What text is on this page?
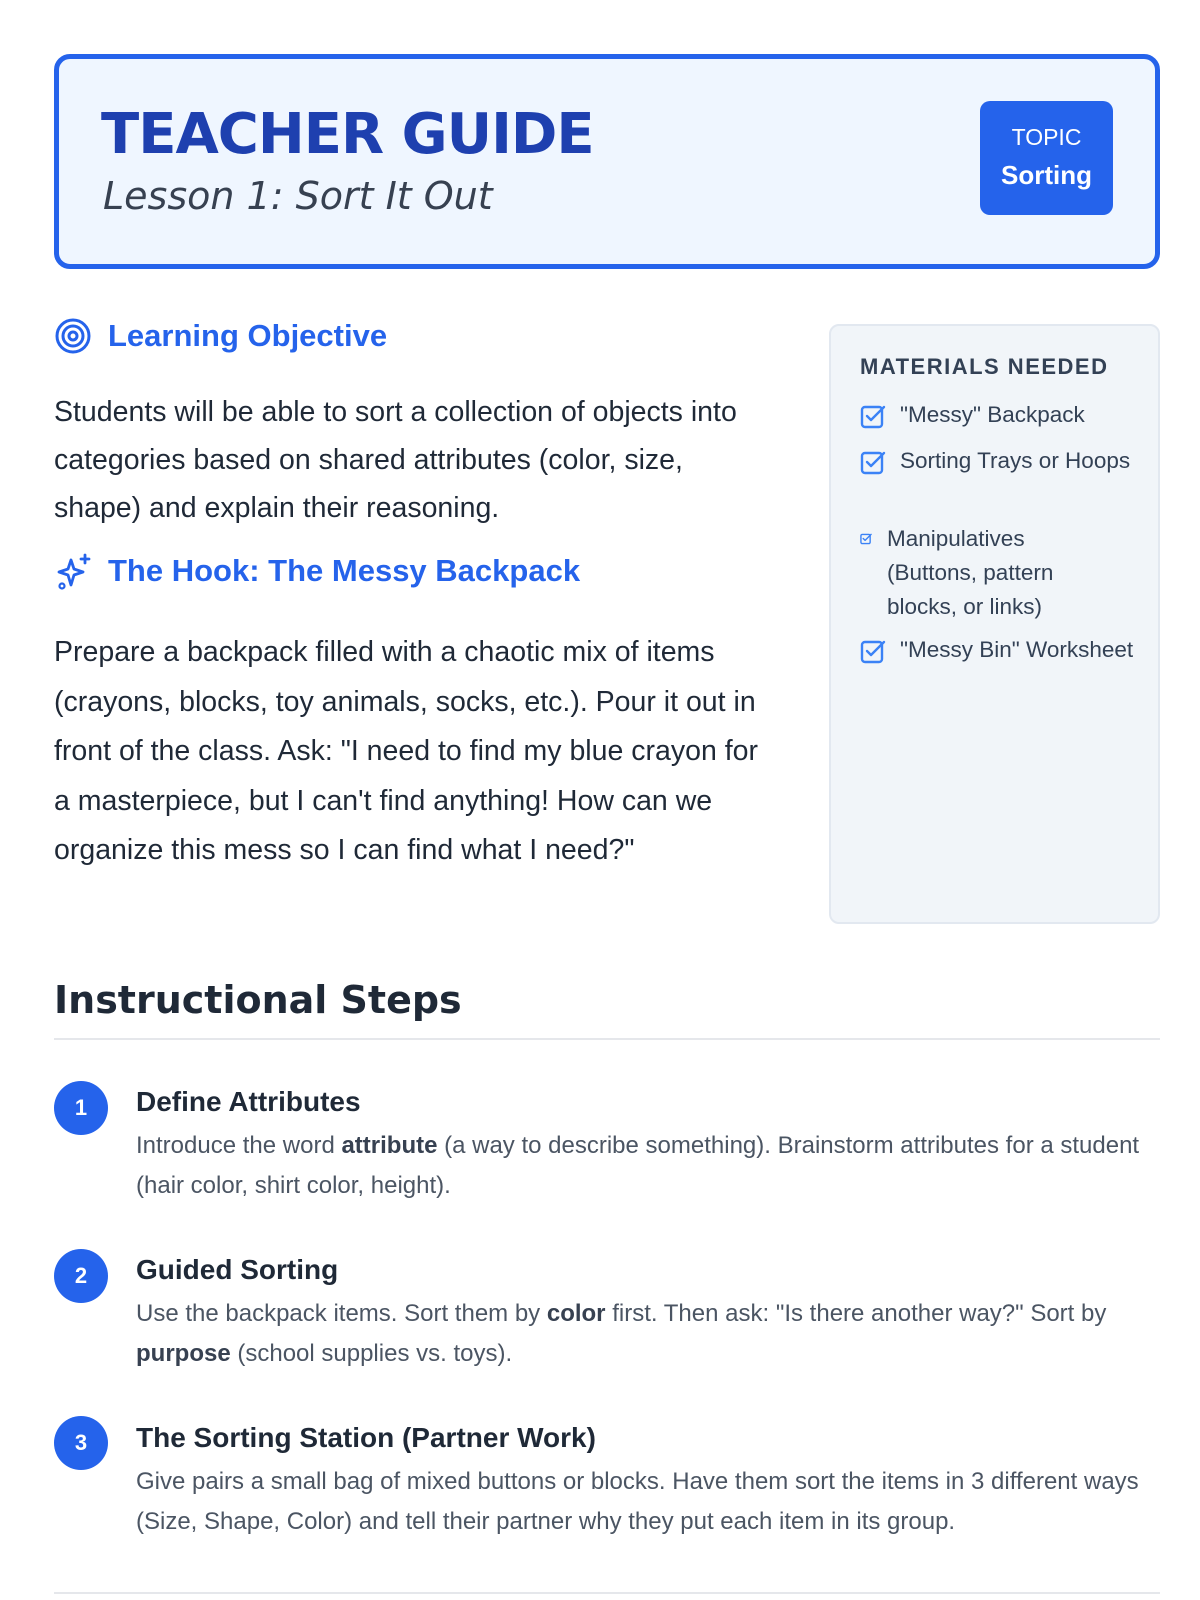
TEACHER GUIDE
Lesson 1: Sort It Out
TOPIC
Sorting
Learning Objective
Students will be able to sort a collection of objects into categories based on shared attributes (color, size, shape) and explain their reasoning.
The Hook: The Messy Backpack
Prepare a backpack filled with a chaotic mix of items (crayons, blocks, toy animals, socks, etc.). Pour it out in front of the class. Ask: "I need to find my blue crayon for a masterpiece, but I can't find anything! How can we organize this mess so I can find what I need?"
MATERIALS NEEDED
"Messy" Backpack
Sorting Trays or Hoops
Manipulatives (Buttons, pattern blocks, or links)
"Messy Bin" Worksheet
Instructional Steps
1	Define Attributes
Introduce the word attribute (a way to describe something). Brainstorm attributes for a student (hair color, shirt color, height).
2	Guided Sorting
Use the backpack items. Sort them by color first. Then ask: "Is there another way?" Sort by purpose (school supplies vs. toys).
3	The Sorting Station (Partner Work)
Give pairs a small bag of mixed buttons or blocks. Have them sort the items in 3 different ways (Size, Shape, Color) and tell their partner why they put each item in its group.
